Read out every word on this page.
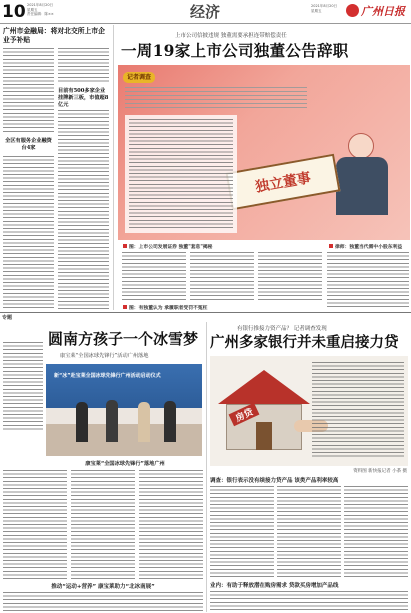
10 2021年8月20日
星期五
责任编辑：陈××	经济	2021年8月20日
星期五	广州日报
广州市金融局：将对北交所上市企业予补贴
目前有500多家企业挂牌新三板，市值超8亿元
全区有服务企业融资台4家
上市公司信披违规 独董需要承担连带赔偿责任
一周19家上市公司独董公告辞职
记者调查
独立董事
图：上市公司发展证券 独董"套息"揭秘
图：有独董认为 承履职者受罚不冤枉
律师：独董当代需中小股东利益
专题
圆南方孩子一个冰雪梦
康宝莱“全国冰球先锋行”活动广州落地
新“冰”赴宝莱全国冰球先锋行广州活动启动仪式
康宝莱“全国冰球先锋行”落地广州
推动“运动+营养” 康宝莱助力“北冰南展”
有银行推接力资产品？ 记者调查发现
广州多家银行并未重启接力贷
房贷
资料图 新快报记者 小茶 摄
调查：银行表示没有续接力贷产品 该类产品利率较高
业内：有助于释放潜在购房需求 贷款买房增加产品线
